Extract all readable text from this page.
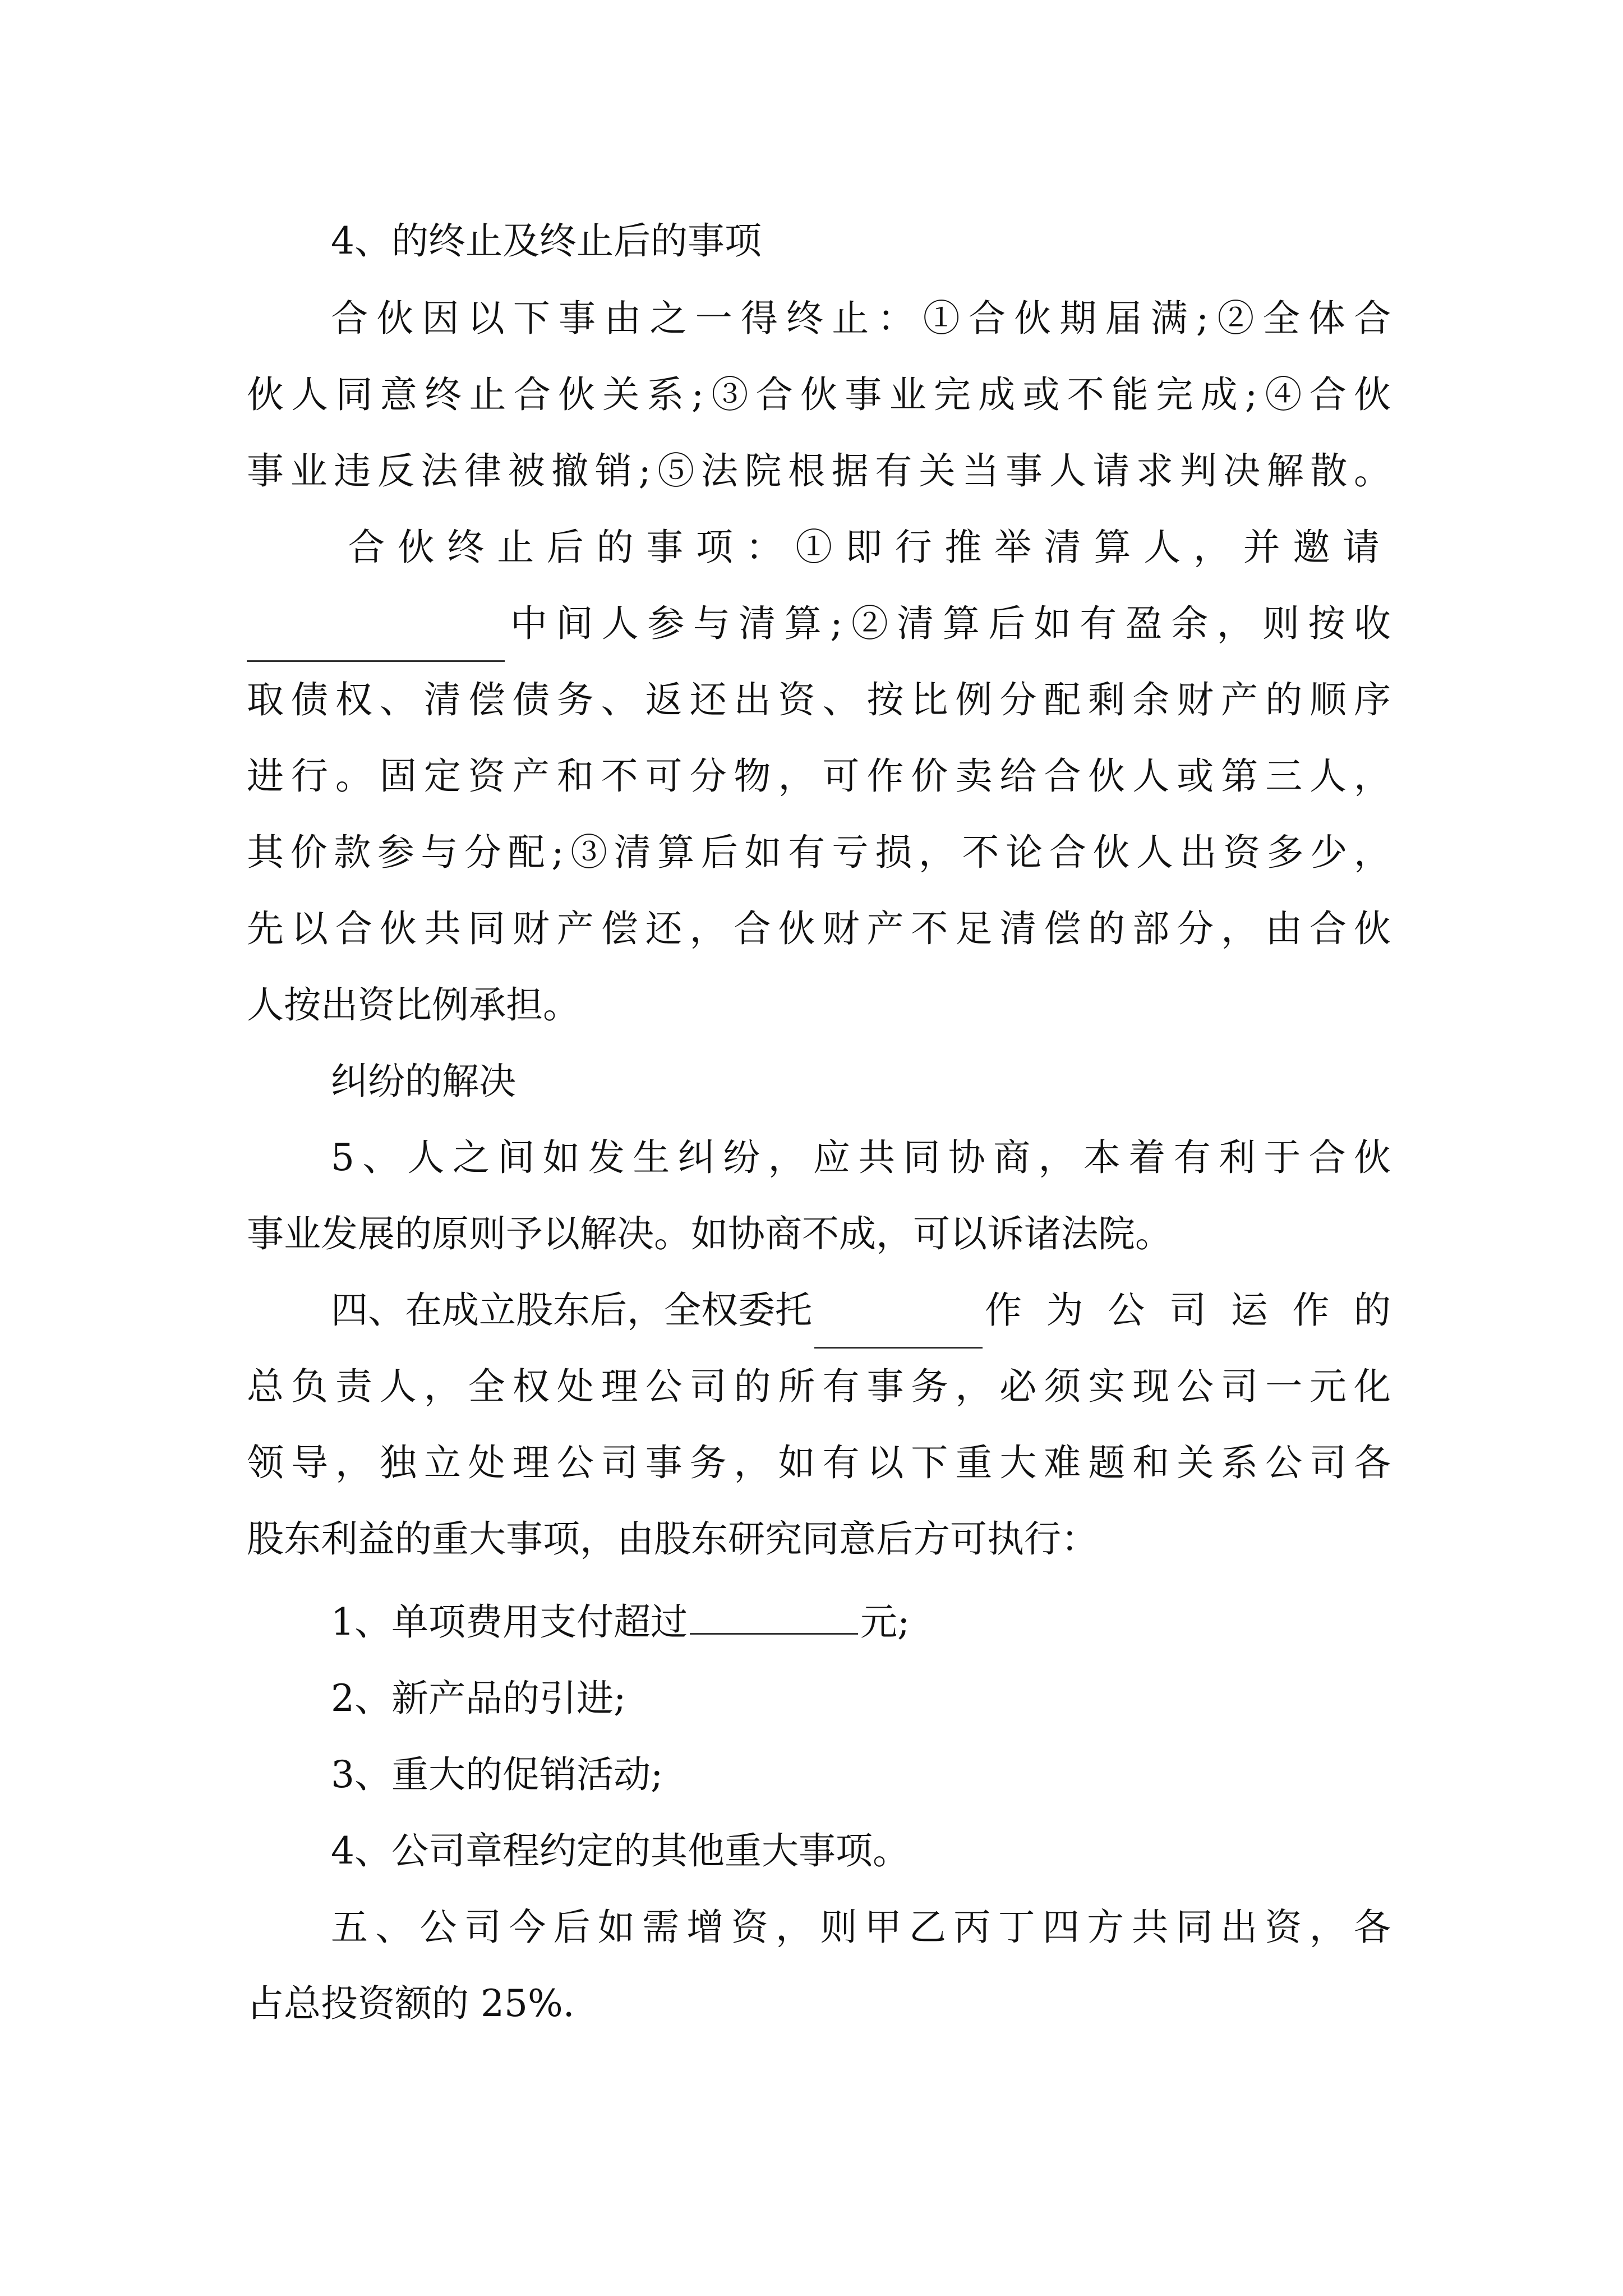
4、的终止及终止后的事项
合伙因以下事由之一得终止：①合伙期届满;②全体合
伙人同意终止合伙关系;③合伙事业完成或不能完成;④合伙
事业违反法律被撤销;⑤法院根据有关当事人请求判决解散。
合伙终止后的事项：①即行推举清算人，并邀请
中间人参与清算;②清算后如有盈余，则按收
取债权、清偿债务、返还出资、按比例分配剩余财产的顺序
进行。固定资产和不可分物，可作价卖给合伙人或第三人，
其价款参与分配;③清算后如有亏损，不论合伙人出资多少，
先以合伙共同财产偿还，合伙财产不足清偿的部分，由合伙
人按出资比例承担。
纠纷的解决
5、人之间如发生纠纷，应共同协商，本着有利于合伙
事业发展的原则予以解决。如协商不成，可以诉诸法院。
四、在成立股东后，全权委托	作为公司运作的
总负责人，全权处理公司的所有事务，必须实现公司一元化
领导，独立处理公司事务，如有以下重大难题和关系公司各
股东利益的重大事项，由股东研究同意后方可执行：
1、单项费用支付超过	元;
2、新产品的引进;
3、重大的促销活动;
4、公司章程约定的其他重大事项。
五、公司今后如需增资，则甲乙丙丁四方共同出资，各
占总投资额的 25%.
